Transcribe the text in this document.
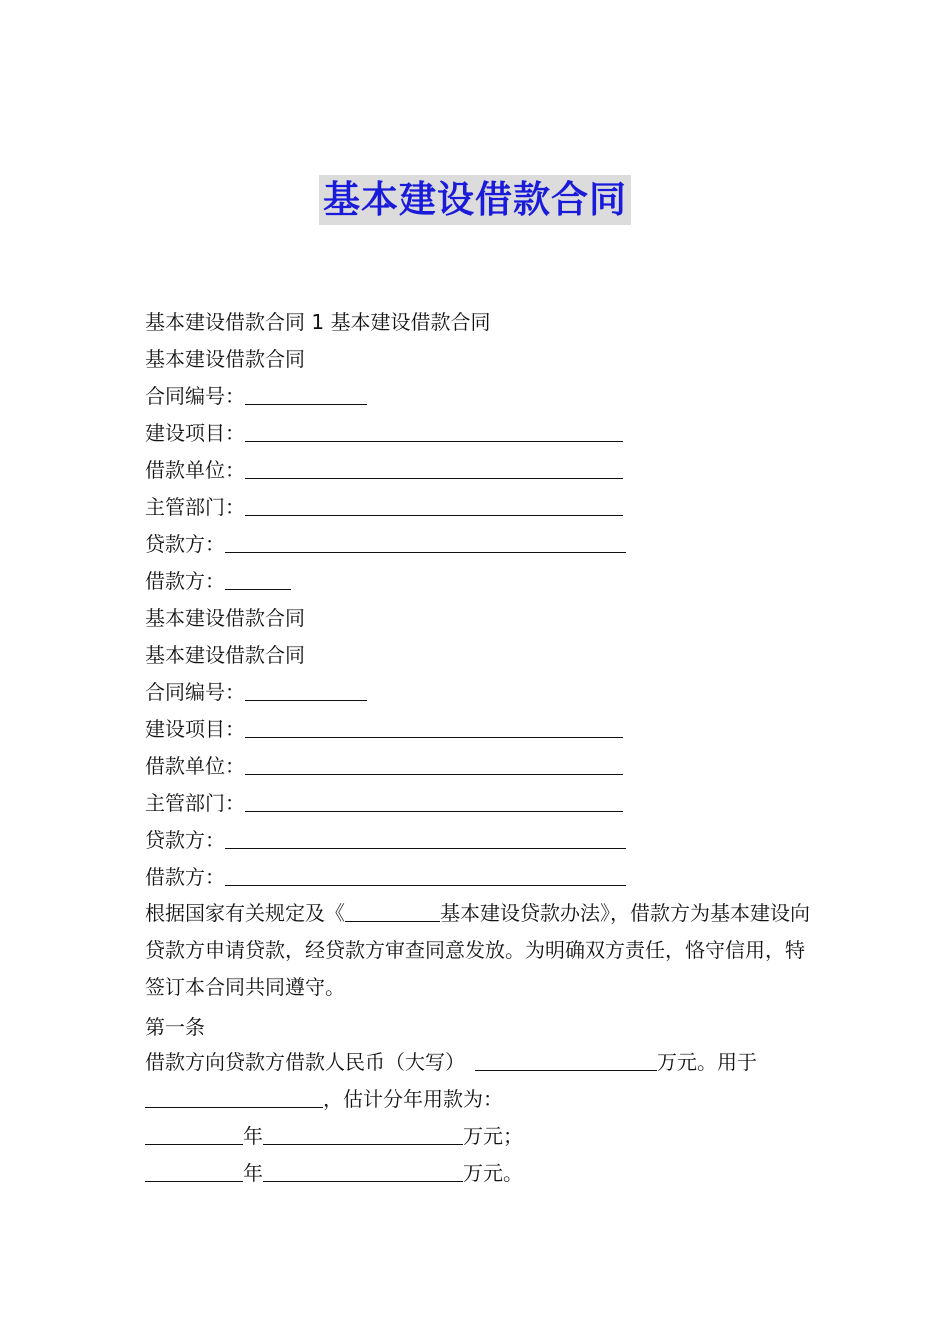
基本建设借款合同
基本建设借款合同 1 基本建设借款合同
基本建设借款合同
合同编号：
建设项目：
借款单位：
主管部门：
贷款方：
借款方：
基本建设借款合同
基本建设借款合同
合同编号：
建设项目：
借款单位：
主管部门：
贷款方：
借款方：
根据国家有关规定及《	基本建设贷款办法》，借款方为基本建设向贷款方申请贷款，经贷款方审查同意发放。为明确双方责任，恪守信用，特签订本合同共同遵守。
第一条
借款方向贷款方借款人民币（大写）	万元。用于
，估计分年用款为：
年	万元；
年	万元。
